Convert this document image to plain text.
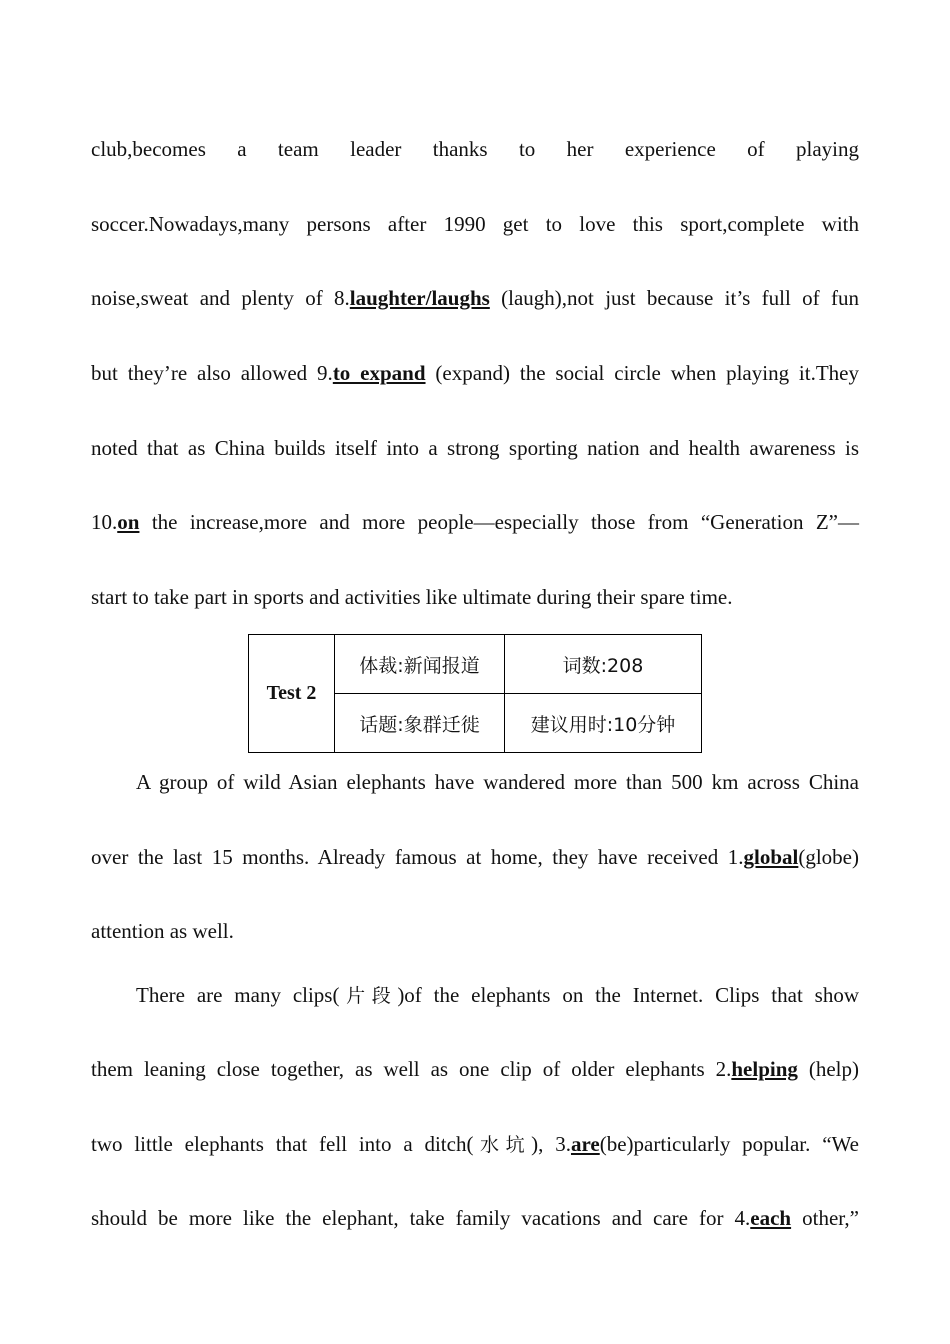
club,becomes a team leader thanks to her experience of playing
soccer.Nowadays,many persons after 1990 get to love this sport,complete with
noise,sweat and plenty of 8.laughter/laughs (laugh),not just because it’s full of fun
but they’re also allowed 9.to expand (expand) the social circle when playing it.They
noted that as China builds itself into a strong sporting nation and health awareness is
10.on the increase,more and more people—especially those from “Generation Z”—
start to take part in sports and activities like ultimate during their spare time.
A group of wild Asian elephants have wandered more than 500 km across China
over the last 15 months. Already famous at home, they have received 1.global(globe)
attention as well.
There are many clips(片段)of the elephants on the Internet. Clips that show
them leaning close together, as well as one clip of older elephants 2.helping (help)
two little elephants that fell into a ditch(水坑), 3.are(be)particularly popular. “We
should be more like the elephant, take family vacations and care for 4.each other,”
Test 2	体裁:新闻报道	词数:208
	话题:象群迁徙	建议用时:10分钟
